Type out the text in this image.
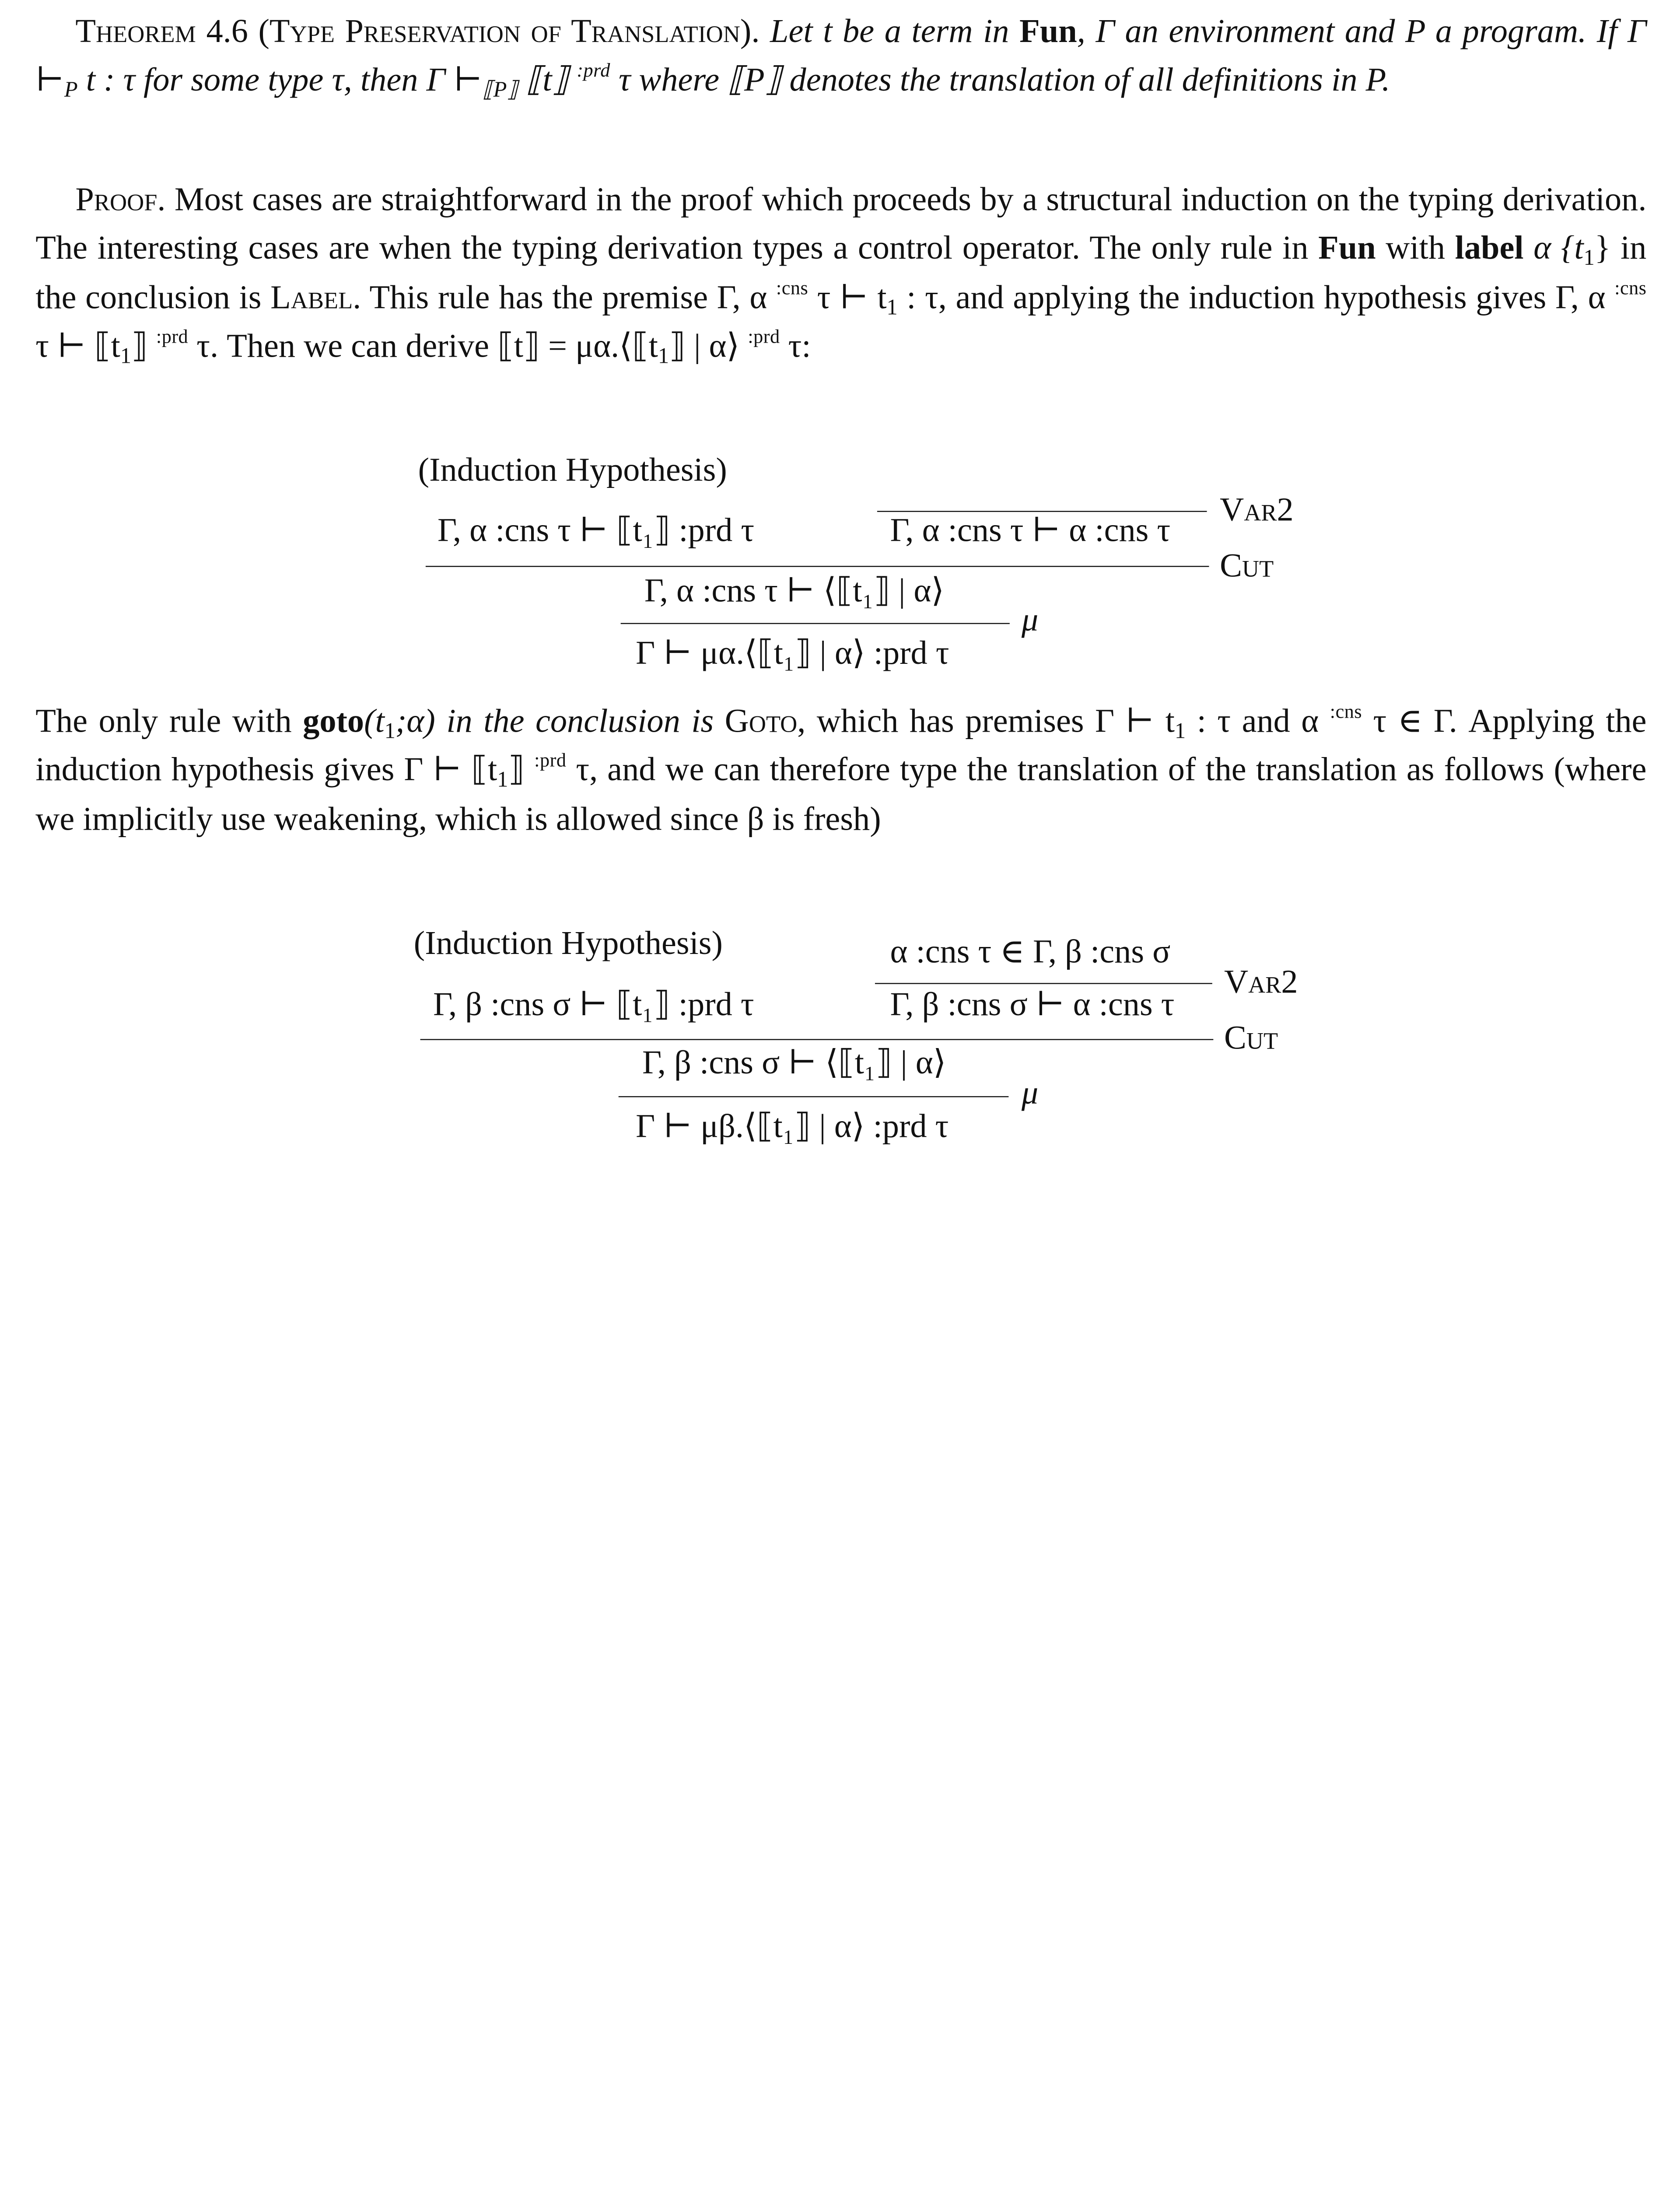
Theorem 4.6 (Type Preservation of Translation). Let t be a term in Fun, Γ an environment and P a program. If Γ $⊢_P$ t : τ for some type τ, then Γ $⊢_{⟦P⟧}$ ⟦t⟧ $^{:prd}$ τ where ⟦P⟧ denotes the translation of all definitions in P.

Proof. Most cases are straightforward in the proof which proceeds by a structural induction on the typing derivation. The interesting cases are when the typing derivation types a control operator. The only rule in Fun with label α $\{t_1\}$ in the conclusion is Label. This rule has the premise Γ, α $^{:cns}$ τ ⊢ $t_1$ : τ, and applying the induction hypothesis gives Γ, α $^{:cns}$ τ ⊢ $⟦t_1⟧$ $^{:prd}$ τ. Then we can derive ⟦t⟧ = $\mu\alpha.⟨⟦t_1⟧$ | α⟩ $^{:prd}$ τ:

(Induction Hypothesis)
Γ, α :cns τ ⊢ ⟦t₁⟧ :prd τ
Var2
Γ, α :cns τ ⊢ α :cns τ
Cut
Γ, α :cns τ ⊢ ⟨⟦t₁⟧ | α⟩
μ
Γ ⊢ μα.⟨⟦t₁⟧ | α⟩ :prd τ

The only rule with $goto(t_1;\alpha)$ in the conclusion is Goto, which has premises Γ ⊢ $t_1$ : τ and α $^{:cns}$ τ ∈ Γ. Applying the induction hypothesis gives Γ ⊢ $⟦t_1⟧$ $^{:prd}$ τ, and we can therefore type the translation of the translation as follows (where we implicitly use weakening, which is allowed since β is fresh)

(Induction Hypothesis)	α :cns τ ∈ Γ, β :cns σ
Γ, β :cns σ ⊢ ⟦t₁⟧ :prd τ
Var2
Γ, β :cns σ ⊢ α :cns τ
Cut
Γ, β :cns σ ⊢ ⟨⟦t₁⟧ | α⟩
μ
Γ ⊢ μβ.⟨⟦t₁⟧ | α⟩ :prd τ
